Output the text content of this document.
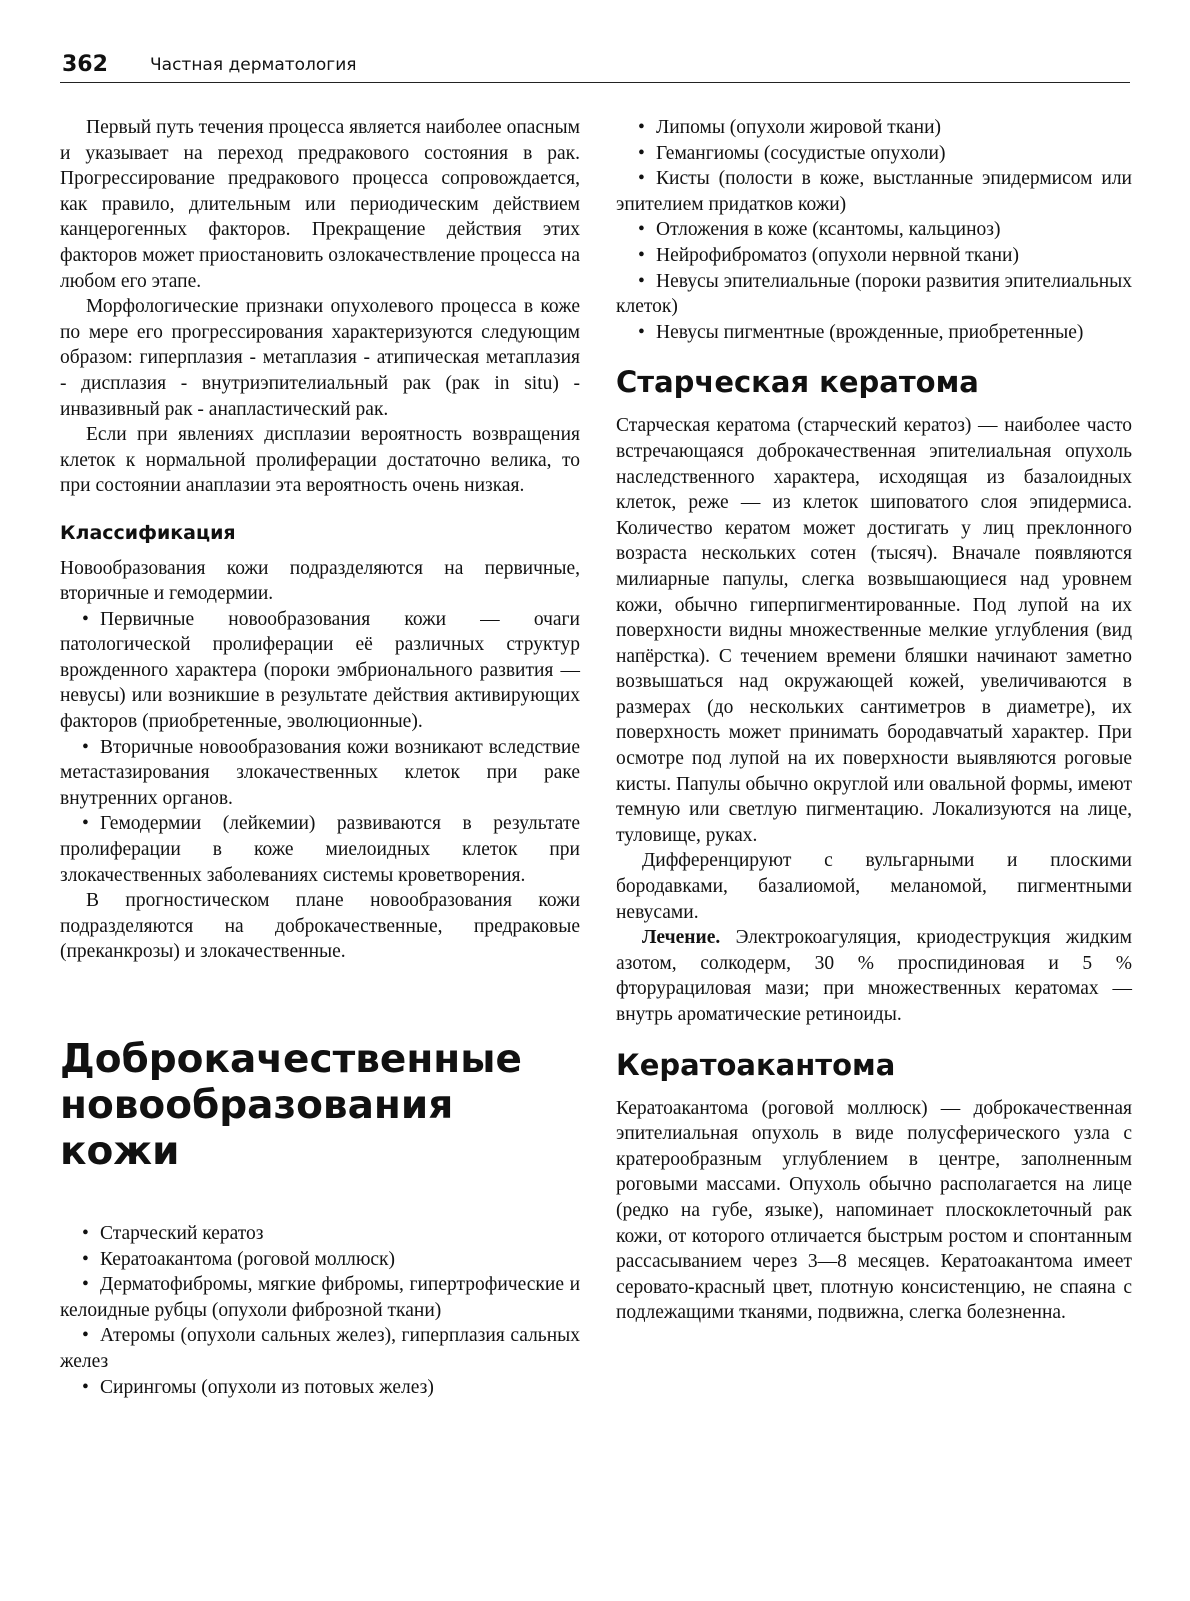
362 Частная дерматология

Первый путь течения процесса является наиболее опасным и указывает на переход предракового состояния в рак. Прогрессирование предракового процесса сопровождается, как правило, длительным или периодическим действием канцерогенных факторов. Прекращение действия этих факторов может приостановить озлокачествление процесса на любом его этапе.

Морфологические признаки опухолевого процесса в коже по мере его прогрессирования характеризуются следующим образом: гиперплазия - метаплазия - атипическая метаплазия - дисплазия - внутриэпителиальный рак (рак in situ) - инвазивный рак - анапластический рак.

Если при явлениях дисплазии вероятность возвращения клеток к нормальной пролиферации достаточно велика, то при состоянии анаплазии эта вероятность очень низкая.

Классификация

Новообразования кожи подразделяются на первичные, вторичные и гемодермии.

• Первичные новообразования кожи — очаги патологической пролиферации её различных структур врожденного характера (пороки эмбрионального развития — невусы) или возникшие в результате действия активирующих факторов (приобретенные, эволюционные).

• Вторичные новообразования кожи возникают вследствие метастазирования злокачественных клеток при раке внутренних органов.

• Гемодермии (лейкемии) развиваются в результате пролиферации в коже миелоидных клеток при злокачественных заболеваниях системы кроветворения.

В прогностическом плане новообразования кожи подразделяются на доброкачественные, предраковые (преканкрозы) и злокачественные.

Доброкачественные
новообразования
кожи

• Старческий кератоз

• Кератоакантома (роговой моллюск)

• Дерматофибромы, мягкие фибромы, гипертрофические и келоидные рубцы (опухоли фиброзной ткани)

• Атеромы (опухоли сальных желез), гиперплазия сальных желез

• Сирингомы (опухоли из потовых желез)

• Липомы (опухоли жировой ткани)

• Гемангиомы (сосудистые опухоли)

• Кисты (полости в коже, выстланные эпидермисом или эпителием придатков кожи)

• Отложения в коже (ксантомы, кальциноз)

• Нейрофиброматоз (опухоли нервной ткани)

• Невусы эпителиальные (пороки развития эпителиальных клеток)

• Невусы пигментные (врожденные, приобретенные)

Старческая кератома

Старческая кератома (старческий кератоз) — наиболее часто встречающаяся доброкачественная эпителиальная опухоль наследственного характера, исходящая из базалоидных клеток, реже — из клеток шиповатого слоя эпидермиса. Количество кератом может достигать у лиц преклонного возраста нескольких сотен (тысяч). Вначале появляются милиарные папулы, слегка возвышающиеся над уровнем кожи, обычно гиперпигментированные. Под лупой на их поверхности видны множественные мелкие углубления (вид напёрстка). С течением времени бляшки начинают заметно возвышаться над окружающей кожей, увеличиваются в размерах (до нескольких сантиметров в диаметре), их поверхность может принимать бородавчатый характер. При осмотре под лупой на их поверхности выявляются роговые кисты. Папулы обычно округлой или овальной формы, имеют темную или светлую пигментацию. Локализуются на лице, туловище, руках.

Дифференцируют с вульгарными и плоскими бородавками, базалиомой, меланомой, пигментными невусами.

Лечение. Электрокоагуляция, криодеструкция жидким азотом, солкодерм, 30 % проспидиновая и 5 % фторурациловая мази; при множественных кератомах — внутрь ароматические ретиноиды.

Кератоакантома

Кератоакантома (роговой моллюск) — доброкачественная эпителиальная опухоль в виде полусферического узла с кратерообразным углублением в центре, заполненным роговыми массами. Опухоль обычно располагается на лице (редко на губе, языке), напоминает плоскоклеточный рак кожи, от которого отличается быстрым ростом и спонтанным рассасыванием через 3—8 месяцев. Кератоакантома имеет серовато-красный цвет, плотную консистенцию, не спаяна с подлежащими тканями, подвижна, слегка болезненна.
